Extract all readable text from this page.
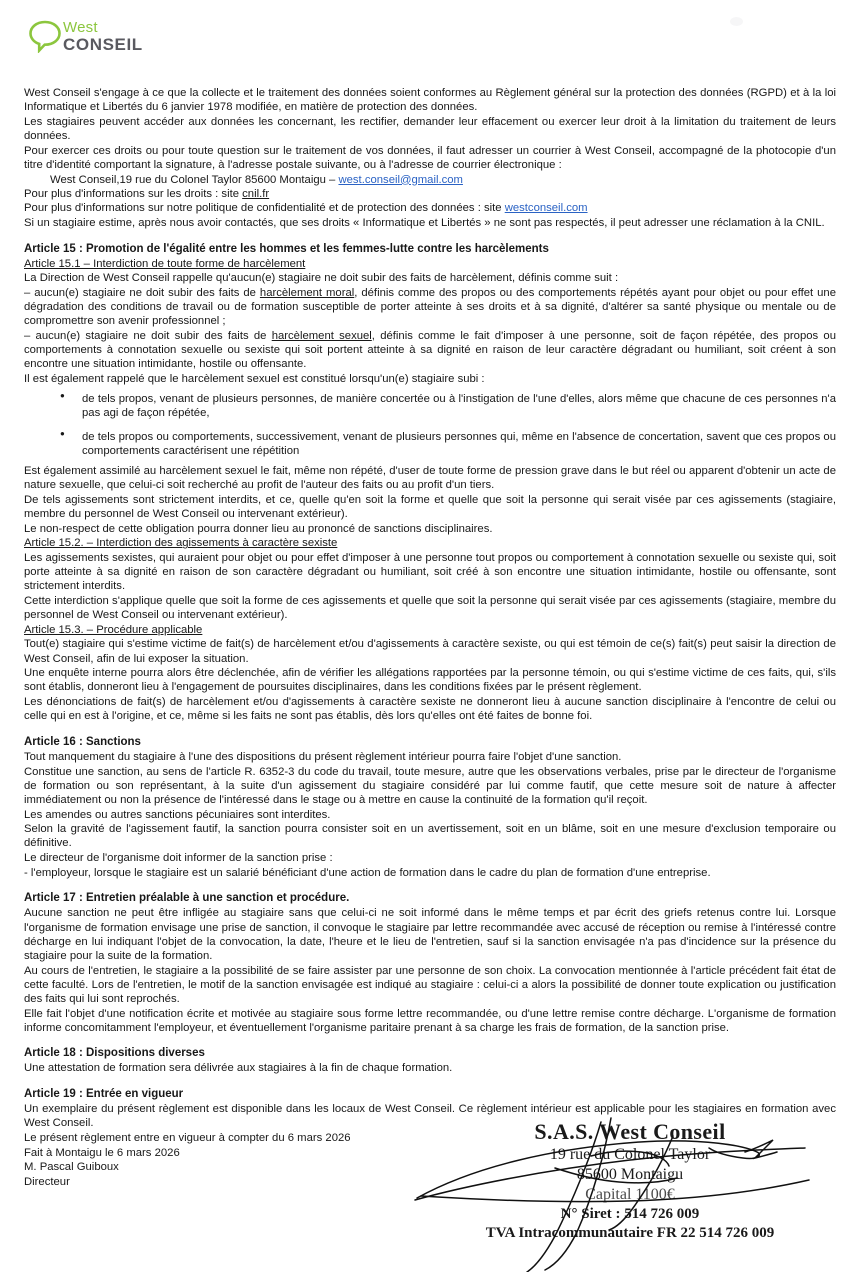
West
CONSEIL

West Conseil s'engage à ce que la collecte et le traitement des données soient conformes au Règlement général sur la protection des données (RGPD) et à la loi Informatique et Libertés du 6 janvier 1978 modifiée, en matière de protection des données.

Les stagiaires peuvent accéder aux données les concernant, les rectifier, demander leur effacement ou exercer leur droit à la limitation du traitement de leurs données.

Pour exercer ces droits ou pour toute question sur le traitement de vos données, il faut adresser un courrier à West Conseil, accompagné de la photocopie d'un titre d'identité comportant la signature, à l'adresse postale suivante, ou à l'adresse de courrier électronique :

West Conseil,19 rue du Colonel Taylor 85600 Montaigu – west.conseil@gmail.com

Pour plus d'informations sur les droits : site cnil.fr

Pour plus d'informations sur notre politique de confidentialité et de protection des données : site westconseil.com

Si un stagiaire estime, après nous avoir contactés, que ses droits « Informatique et Libertés » ne sont pas respectés, il peut adresser une réclamation à la CNIL.

Article 15 : Promotion de l'égalité entre les hommes et les femmes-lutte contre les harcèlements

Article 15.1 – Interdiction de toute forme de harcèlement

La Direction de West Conseil rappelle qu'aucun(e) stagiaire ne doit subir des faits de harcèlement, définis comme suit :

– aucun(e) stagiaire ne doit subir des faits de harcèlement moral, définis comme des propos ou des comportements répétés ayant pour objet ou pour effet une dégradation des conditions de travail ou de formation susceptible de porter atteinte à ses droits et à sa dignité, d'altérer sa santé physique ou mentale ou de compromettre son avenir professionnel ;

– aucun(e) stagiaire ne doit subir des faits de harcèlement sexuel, définis comme le fait d'imposer à une personne, soit de façon répétée, des propos ou comportements à connotation sexuelle ou sexiste qui soit portent atteinte à sa dignité en raison de leur caractère dégradant ou humiliant, soit créent à son encontre une situation intimidante, hostile ou offensante.

Il est également rappelé que le harcèlement sexuel est constitué lorsqu'un(e) stagiaire subi :

● de tels propos, venant de plusieurs personnes, de manière concertée ou à l'instigation de l'une d'elles, alors même que chacune de ces personnes n'a pas agi de façon répétée,
● de tels propos ou comportements, successivement, venant de plusieurs personnes qui, même en l'absence de concertation, savent que ces propos ou comportements caractérisent une répétition

Est également assimilé au harcèlement sexuel le fait, même non répété, d'user de toute forme de pression grave dans le but réel ou apparent d'obtenir un acte de nature sexuelle, que celui-ci soit recherché au profit de l'auteur des faits ou au profit d'un tiers.

De tels agissements sont strictement interdits, et ce, quelle qu'en soit la forme et quelle que soit la personne qui serait visée par ces agissements (stagiaire, membre du personnel de West Conseil ou intervenant extérieur).

Le non-respect de cette obligation pourra donner lieu au prononcé de sanctions disciplinaires.

Article 15.2. – Interdiction des agissements à caractère sexiste

Les agissements sexistes, qui auraient pour objet ou pour effet d'imposer à une personne tout propos ou comportement à connotation sexuelle ou sexiste qui, soit porte atteinte à sa dignité en raison de son caractère dégradant ou humiliant, soit créé à son encontre une situation intimidante, hostile ou offensante, sont strictement interdits.

Cette interdiction s'applique quelle que soit la forme de ces agissements et quelle que soit la personne qui serait visée par ces agissements (stagiaire, membre du personnel de West Conseil ou intervenant extérieur).

Article 15.3. – Procédure applicable

Tout(e) stagiaire qui s'estime victime de fait(s) de harcèlement et/ou d'agissements à caractère sexiste, ou qui est témoin de ce(s) fait(s) peut saisir la direction de West Conseil, afin de lui exposer la situation.

Une enquête interne pourra alors être déclenchée, afin de vérifier les allégations rapportées par la personne témoin, ou qui s'estime victime de ces faits, qui, s'ils sont établis, donneront lieu à l'engagement de poursuites disciplinaires, dans les conditions fixées par le présent règlement.

Les dénonciations de fait(s) de harcèlement et/ou d'agissements à caractère sexiste ne donneront lieu à aucune sanction disciplinaire à l'encontre de celui ou celle qui en est à l'origine, et ce, même si les faits ne sont pas établis, dès lors qu'elles ont été faites de bonne foi.

Article 16 : Sanctions

Tout manquement du stagiaire à l'une des dispositions du présent règlement intérieur pourra faire l'objet d'une sanction.

Constitue une sanction, au sens de l'article R. 6352-3 du code du travail, toute mesure, autre que les observations verbales, prise par le directeur de l'organisme de formation ou son représentant, à la suite d'un agissement du stagiaire considéré par lui comme fautif, que cette mesure soit de nature à affecter immédiatement ou non la présence de l'intéressé dans le stage ou à mettre en cause la continuité de la formation qu'il reçoit.

Les amendes ou autres sanctions pécuniaires sont interdites.

Selon la gravité de l'agissement fautif, la sanction pourra consister soit en un avertissement, soit en un blâme, soit en une mesure d'exclusion temporaire ou définitive.

Le directeur de l'organisme doit informer de la sanction prise :

- l'employeur, lorsque le stagiaire est un salarié bénéficiant d'une action de formation dans le cadre du plan de formation d'une entreprise.

Article 17 : Entretien préalable à une sanction et procédure.

Aucune sanction ne peut être infligée au stagiaire sans que celui-ci ne soit informé dans le même temps et par écrit des griefs retenus contre lui. Lorsque l'organisme de formation envisage une prise de sanction, il convoque le stagiaire par lettre recommandée avec accusé de réception ou remise à l'intéressé contre décharge en lui indiquant l'objet de la convocation, la date, l'heure et le lieu de l'entretien, sauf si la sanction envisagée n'a pas d'incidence sur la présence du stagiaire pour la suite de la formation.

Au cours de l'entretien, le stagiaire a la possibilité de se faire assister par une personne de son choix. La convocation mentionnée à l'article précédent fait état de cette faculté. Lors de l'entretien, le motif de la sanction envisagée est indiqué au stagiaire : celui-ci a alors la possibilité de donner toute explication ou justification des faits qui lui sont reprochés.

Elle fait l'objet d'une notification écrite et motivée au stagiaire sous forme lettre recommandée, ou d'une lettre remise contre décharge. L'organisme de formation informe concomitamment l'employeur, et éventuellement l'organisme paritaire prenant à sa charge les frais de formation, de la sanction prise.

Article 18 : Dispositions diverses

Une attestation de formation sera délivrée aux stagiaires à la fin de chaque formation.

Article 19 : Entrée en vigueur

Un exemplaire du présent règlement est disponible dans les locaux de West Conseil. Ce règlement intérieur est applicable pour les stagiaires en formation avec West Conseil.

Le présent règlement entre en vigueur à compter du 6 mars 2026

Fait à Montaigu le 6 mars 2026

M. Pascal Guiboux

Directeur

S.A.S. West Conseil
19 rue du Colonel Taylor
85600 Montaigu
Capital 1100€
N° Siret : 514 726 009
TVA Intracommunautaire FR 22 514 726 009
